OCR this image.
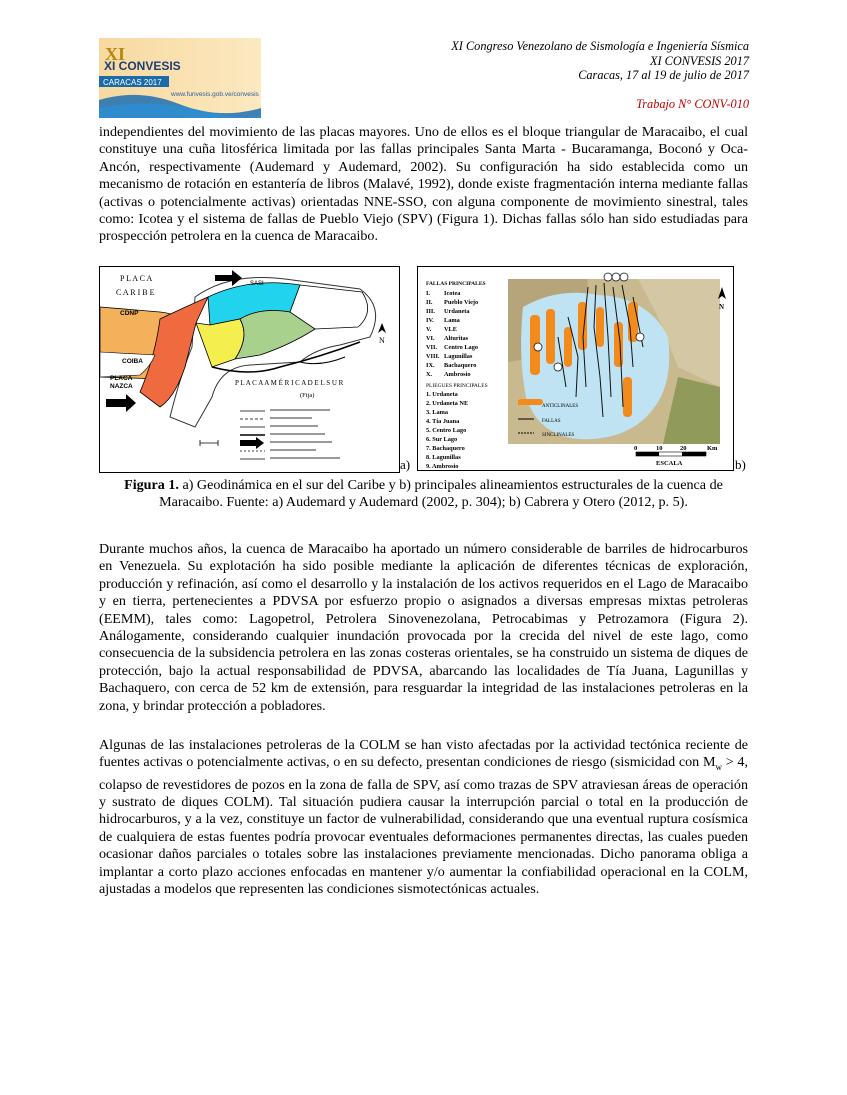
XI
XI CONVESIS
CARACAS 2017
www.funvesis.gob.ve/convesis
XI Congreso Venezolano de Sismología e Ingeniería Sísmica
XI CONVESIS 2017
Caracas, 17 al 19 de julio de 2017
Trabajo N° CONV-010

independientes del movimiento de las placas mayores. Uno de ellos es el bloque triangular de Maracaibo, el cual constituye una cuña litosférica limitada por las fallas principales Santa Marta - Bucaramanga, Boconó y Oca-Ancón, respectivamente (Audemard y Audemard, 2002). Su configuración ha sido establecida como un mecanismo de rotación en estantería de libros (Malavé, 1992), donde existe fragmentación interna mediante fallas (activas o potencialmente activas) orientadas NNE-SSO, con alguna componente de movimiento sinestral, tales como: Icotea y el sistema de fallas de Pueblo Viejo (SPV) (Figura 1). Dichas fallas sólo han sido estudiadas para prospección petrolera en la cuenca de Maracaibo.

P L A C A
C A R I B E
CDNP
COIBA
PLACA
NAZCA	P L A C A A M É R I C A D E L S U R
(Fija)
N
SASI
a)
FALLAS PRINCIPALES
I. Icotea
II. Pueblo Viejo
III. Urdaneta
IV. Lama
V. VLE
VI. Alturitas
VII. Centro Lago
VIII. Lagunillas
IX. Bachaquero
X. Ambrosio
PLIEGUES PRINCIPALES
1. Urdaneta
2. Urdaneta NE
3. Lama
4. Tía Juana
5. Centro Lago
6. Sur Lago
7. Bachaquero
8. Lagunillas
9. Ambrosio
ANTICLINALES
FALLAS
SINCLINALES
0	10	20	Km
ESCALA
N
b)

Figura 1. a) Geodinámica en el sur del Caribe y b) principales alineamientos estructurales de la cuenca de Maracaibo. Fuente: a) Audemard y Audemard (2002, p. 304); b) Cabrera y Otero (2012, p. 5).

Durante muchos años, la cuenca de Maracaibo ha aportado un número considerable de barriles de hidrocarburos en Venezuela. Su explotación ha sido posible mediante la aplicación de diferentes técnicas de exploración, producción y refinación, así como el desarrollo y la instalación de los activos requeridos en el Lago de Maracaibo y en tierra, pertenecientes a PDVSA por esfuerzo propio o asignados a diversas empresas mixtas petroleras (EEMM), tales como: Lagopetrol, Petrolera Sinovenezolana, Petrocabimas y Petrozamora (Figura 2). Análogamente, considerando cualquier inundación provocada por la crecida del nivel de este lago, como consecuencia de la subsidencia petrolera en las zonas costeras orientales, se ha construido un sistema de diques de protección, bajo la actual responsabilidad de PDVSA, abarcando las localidades de Tía Juana, Lagunillas y Bachaquero, con cerca de 52 km de extensión, para resguardar la integridad de las instalaciones petroleras en la zona, y brindar protección a pobladores.

Algunas de las instalaciones petroleras de la COLM se han visto afectadas por la actividad tectónica reciente de fuentes activas o potencialmente activas, o en su defecto, presentan condiciones de riesgo (sismicidad con $M_w > 4$, colapso de revestidores de pozos en la zona de falla de SPV, así como trazas de SPV atraviesan áreas de operación y sustrato de diques COLM). Tal situación pudiera causar la interrupción parcial o total en la producción de hidrocarburos, y a la vez, constituye un factor de vulnerabilidad, considerando que una eventual ruptura cosísmica de cualquiera de estas fuentes podría provocar eventuales deformaciones permanentes directas, las cuales pueden ocasionar daños parciales o totales sobre las instalaciones previamente mencionadas. Dicho panorama obliga a implantar a corto plazo acciones enfocadas en mantener y/o aumentar la confiabilidad operacional en la COLM, ajustadas a modelos que representen las condiciones sismotectónicas actuales.
